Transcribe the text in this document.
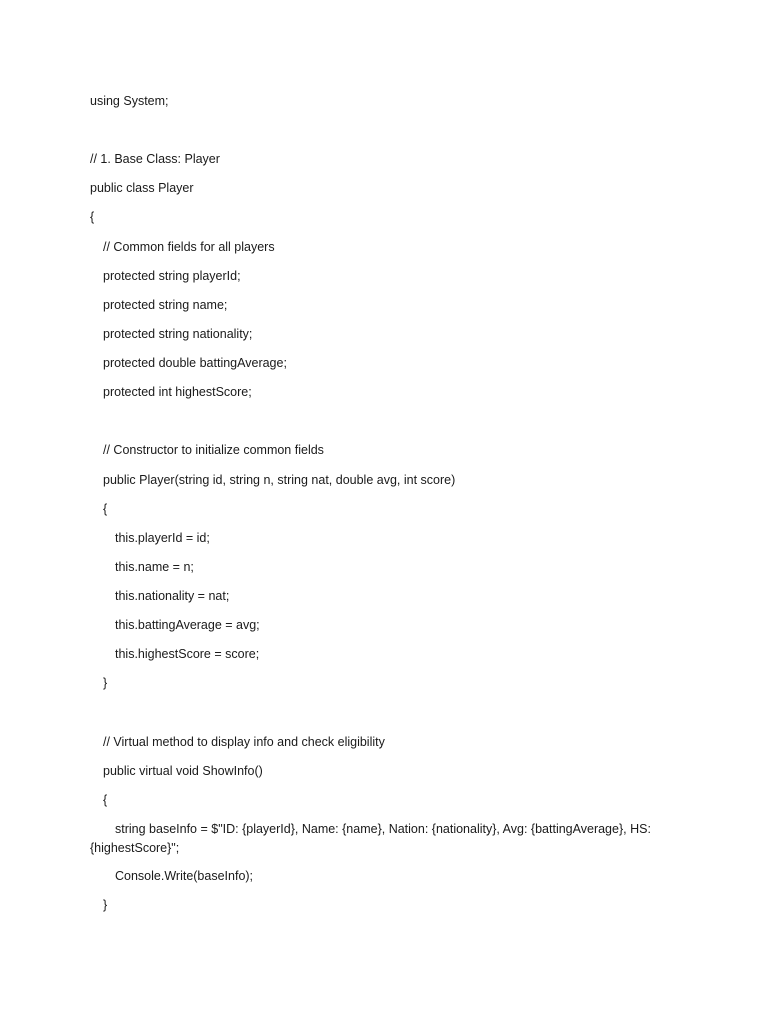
using System;
// 1. Base Class: Player
public class Player
{
// Common fields for all players
protected string playerId;
protected string name;
protected string nationality;
protected double battingAverage;
protected int highestScore;
// Constructor to initialize common fields
public Player(string id, string n, string nat, double avg, int score)
{
this.playerId = id;
this.name = n;
this.nationality = nat;
this.battingAverage = avg;
this.highestScore = score;
}
// Virtual method to display info and check eligibility
public virtual void ShowInfo()
{
string baseInfo = $"ID: {playerId}, Name: {name}, Nation: {nationality}, Avg: {battingAverage}, HS: {highestScore}";
Console.Write(baseInfo);
}
